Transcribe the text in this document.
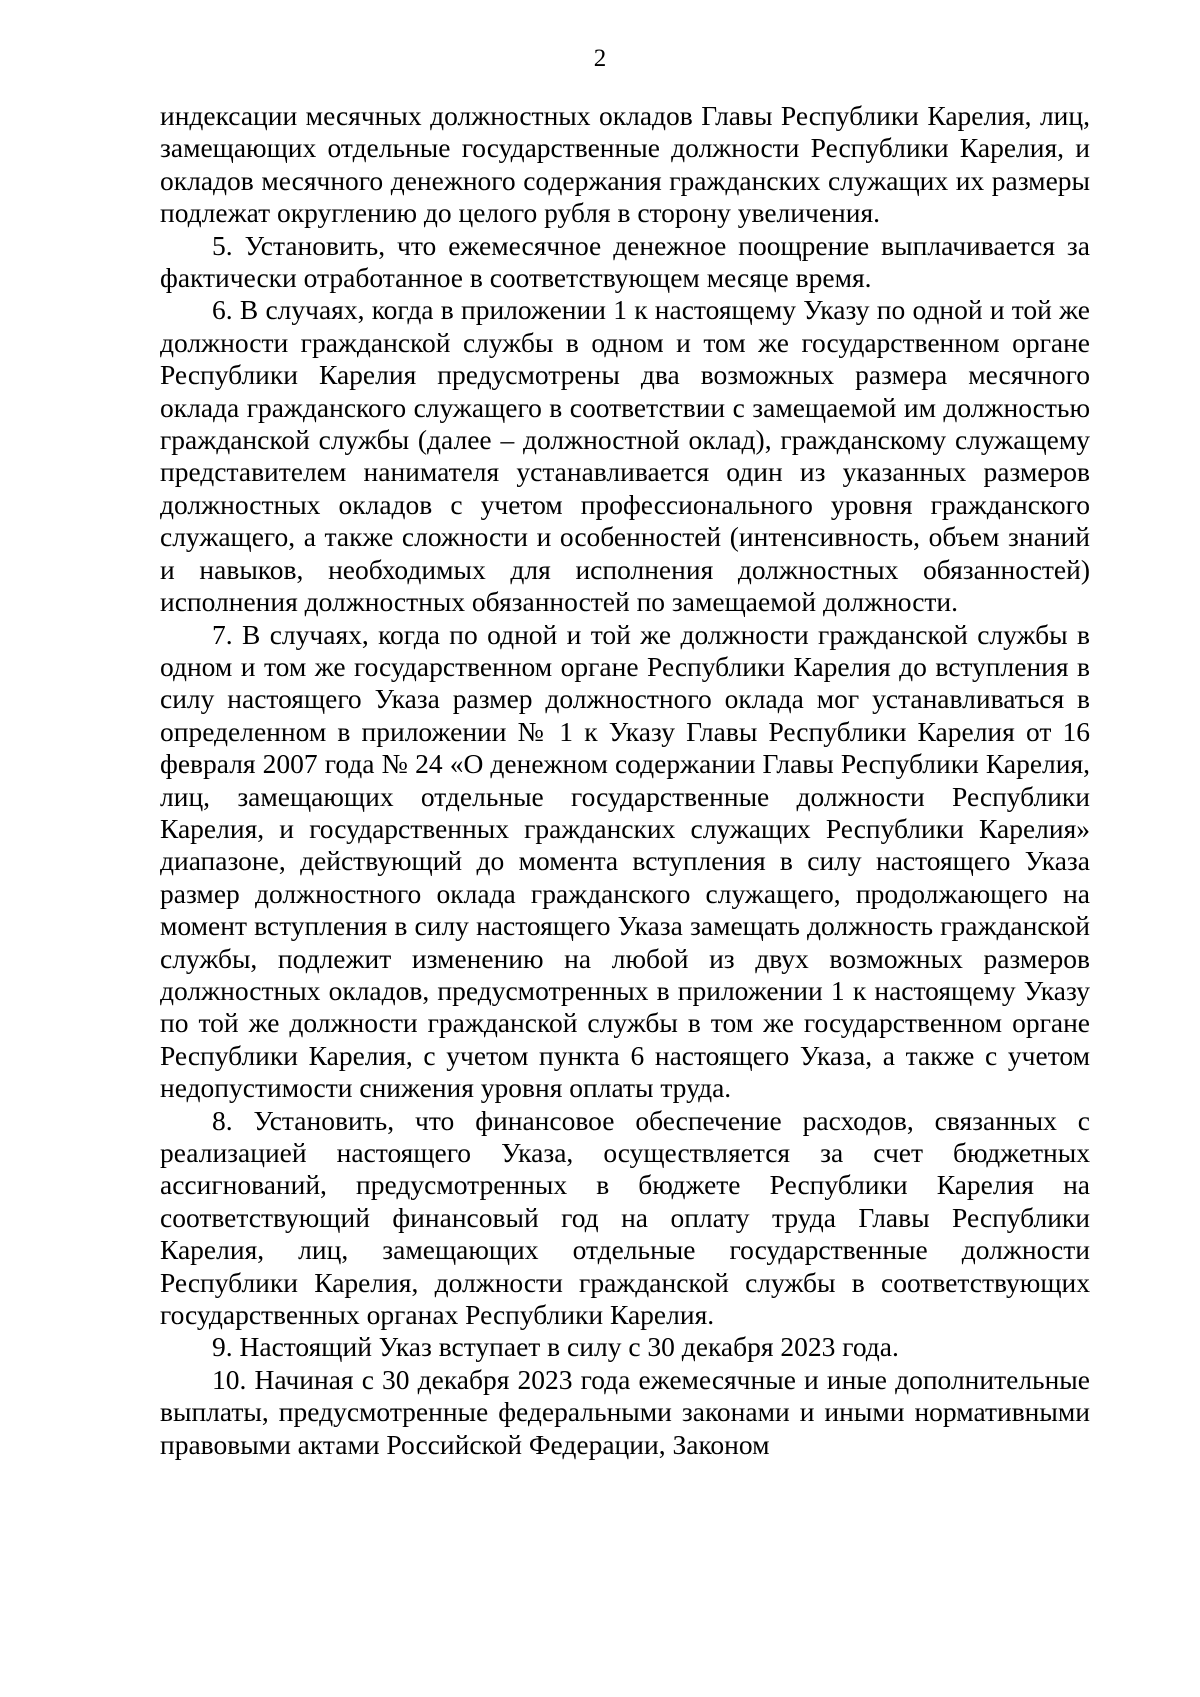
2

индексации месячных должностных окладов Главы Республики Карелия, лиц, замещающих отдельные государственные должности Республики Карелия, и окладов месячного денежного содержания гражданских служащих их размеры подлежат округлению до целого рубля в сторону увеличения.

5. Установить, что ежемесячное денежное поощрение выплачивается за фактически отработанное в соответствующем месяце время.

6. В случаях, когда в приложении 1 к настоящему Указу по одной и той же должности гражданской службы в одном и том же государственном органе Республики Карелия предусмотрены два возможных размера месячного оклада гражданского служащего в соответствии с замещаемой им должностью гражданской службы (далее – должностной оклад), гражданскому служащему представителем нанимателя устанавливается один из указанных размеров должностных окладов с учетом профессионального уровня гражданского служащего, а также сложности и особенностей (интенсивность, объем знаний и навыков, необходимых для исполнения должностных обязанностей) исполнения должностных обязанностей по замещаемой должности.

7. В случаях, когда по одной и той же должности гражданской службы в одном и том же государственном органе Республики Карелия до вступления в силу настоящего Указа размер должностного оклада мог устанавливаться в определенном в приложении № 1 к Указу Главы Республики Карелия от 16 февраля 2007 года № 24 «О денежном содержании Главы Республики Карелия, лиц, замещающих отдельные государственные должности Республики Карелия, и государственных гражданских служащих Республики Карелия» диапазоне, действующий до момента вступления в силу настоящего Указа размер должностного оклада гражданского служащего, продолжающего на момент вступления в силу настоящего Указа замещать должность гражданской службы, подлежит изменению на любой из двух возможных размеров должностных окладов, предусмотренных в приложении 1 к настоящему Указу по той же должности гражданской службы в том же государственном органе Республики Карелия, с учетом пункта 6 настоящего Указа, а также с учетом недопустимости снижения уровня оплаты труда.

8. Установить, что финансовое обеспечение расходов, связанных с реализацией настоящего Указа, осуществляется за счет бюджетных ассигнований, предусмотренных в бюджете Республики Карелия на соответствующий финансовый год на оплату труда Главы Республики Карелия, лиц, замещающих отдельные государственные должности Республики Карелия, должности гражданской службы в соответствующих государственных органах Республики Карелия.

9. Настоящий Указ вступает в силу с 30 декабря 2023 года.

10. Начиная с 30 декабря 2023 года ежемесячные и иные дополнительные выплаты, предусмотренные федеральными законами и иными нормативными правовыми актами Российской Федерации, Законом
